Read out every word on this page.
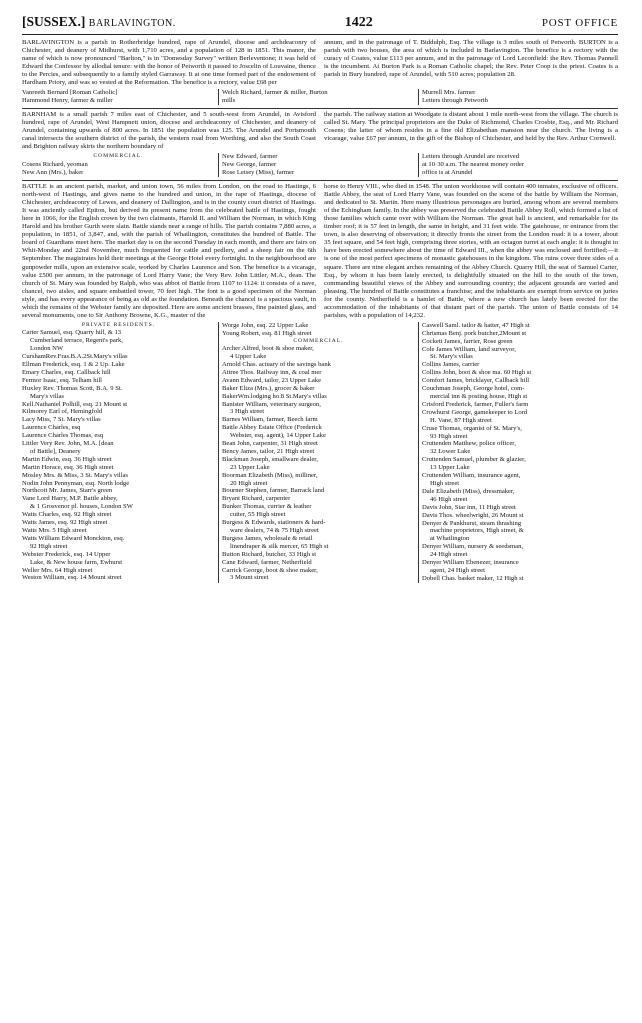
[SUSSEX.] BARLAVINGTON.	1422	POST OFFICE

BARLAVINGTON is a parish in Rotherbridge hundred, rape of Arundel, diocese and archdeaconry of Chichester, and deanery of Midhurst, with 1,710 acres, and a population of 128 in 1851. This manor, the name of which is now pronounced "Barlton," is in "Domesday Survey" written Berleventone; it was held of Edward the Confessor by allodial tenure: with the honor of Petworth it passed to Joscelin of Louvaine, thence to the Percies, and subsequently to a family styled Garraway. It at one time formed part of the endowment of Hardham Priory, and was so vested at the Reformation. The benefice is a rectory, value £68 per

annum, and in the patronage of T. Biddulph, Esq. The village is 3 miles south of Petworth. BURTON is a parish with two houses, the area of which is included in Barlavington. The benefice is a rectory with the curacy of Coates, value £113 per annum, and in the patronage of Lord Leconfield: the Rev. Thomas Pannell is the incumbent. At Burton Park is a Roman Catholic chapel; the Rev. Peter Coop is the priest. Coates is a parish in Bury hundred, rape of Arundel, with 510 acres; population 28.

Vanreeth Bernard [Roman Catholic]
Hammond Henry, farmer & miller
Welch Richard, farmer & miller, Burton
mills
Murrell Mrs. farmer
Letters through Petworth

BARNHAM is a small parish 7 miles east of Chichester, and 5 south-west from Arundel, in Avisford hundred, rape of Arundel, West Hampnett union, diocese and archdeaconry of Chichester, and deanery of Arundel, containing upwards of 800 acres. In 1851 the population was 125. The Arundel and Portsmouth canal intersects the southern district of the parish, the western road from Worthing, and also the South Coast and Brighton railway skirts the northern boundary of

the parish. The railway station at Woodgate is distant about 1 mile north-west from the village. The church is called St. Mary. The principal proprietors are the Duke of Richmond, Charles Crosbie, Esq., and Mr. Richard Cosens; the latter of whom resides in a fine old Elizabethan mansion near the church. The living is a vicarage, value £67 per annum, in the gift of the Bishop of Chichester, and held by the Rev. Arthur Cornwell.

COMMERCIAL.
Cosens Richard, yeoman
New Ann (Mrs.), baker
New Edward, farmer
New George, farmer
Rose Letsey (Miss), farmer
Letters through Arundel are received
at 10·30 a.m. The nearest money order
office is at Arundel

BATTLE is an ancient parish, market, and union town, 56 miles from London, on the road to Hastings, 6 north-west of Hastings, and gives name to the hundred and union, in the rape of Hastings, diocese of Chichester, archdeaconry of Lewes, and deanery of Dallington, and is in the county court district of Hastings. It was anciently called Epiton, but derived its present name from the celebrated battle of Hastings, fought here in 1066, for the English crown by the two claimants, Harold II. and William the Norman, in which King Harold and his brother Gurth were slain. Battle stands near a range of hills. The parish contains 7,880 acres, a population, in 1851, of 3,847, and, with the parish of Whatlington, constitutes the hundred of Battle. The board of Guardians meet here. The market day is on the second Tuesday in each month, and there are fairs on Whit-Monday and 22nd November, much frequented for cattle and pedlery, and a sheep fair on the 6th September. The magistrates hold their meetings at the George Hotel every fortnight. In the neighbourhood are gunpowder mills, upon an extensive scale, worked by Charles Laurence and Son. The benefice is a vicarage, value £500 per annum, in the patronage of Lord Harry Vane; the Very Rev. John Littler, M.A., dean. The church of St. Mary was founded by Ralph, who was abbot of Battle from 1107 to 1124: it consists of a nave, chancel, two aisles, and square embattled tower, 70 feet high. The font is a good specimen of the Norman style, and has every appearance of being as old as the foundation. Beneath the chancel is a spacious vault, in which the remains of the Webster family are deposited. Here are some ancient brasses, fine painted glass, and several monuments, one to Sir Anthony Browne, K.G., master of the

horse to Henry VIII., who died in 1548. The union workhouse will contain 400 inmates, exclusive of officers. Battle Abbey, the seat of Lord Harry Vane, was founded on the scene of the battle by William the Norman, and dedicated to St. Martin. Here many illustrious personages are buried, among whom are several members of the Echingham family. In the abbey was preserved the celebrated Battle Abbey Roll, which formed a list of those families which came over with William the Norman. The great hall is ancient, and remarkable for its timber roof; it is 57 feet in length, the same in height, and 31 feet wide. The gatehouse, or entrance from the town, is also deserving of observation; it directly fronts the street from the London road: it is a tower, about 35 feet square, and 54 feet high, comprising three stories, with an octagon turret at each angle: it is thought to have been erected somewhere about the time of Edward III., when the abbey was enclosed and fortified;—it is one of the most perfect specimens of monastic gatehouses in the kingdom. The ruins cover three sides of a square. There are nine elegant arches remaining of the Abbey Church. Quarry Hill, the seat of Samuel Carter, Esq., by whom it has been lately erected, is delightfully situated on the hill to the south of the town, commanding beautiful views of the Abbey and surrounding country; the adjacent grounds are varied and pleasing. The hundred of Battle constitutes a franchise; and the inhabitants are exempt from service on juries for the county. Netherfield is a hamlet of Battle, where a new church has lately been erected for the accommodation of the inhabitants of that distant part of the parish. The union of Battle consists of 14 parishes, with a population of 14,232.

PRIVATE RESIDENTS.
Carter Samuel, esq. Quarry hill, & 13
Cumberland terrace, Regent's park,
London NW
CurshamRev.Fras.B.A.2St.Mary's villas
Ellman Frederick, esq. 1 & 2 Up. Lake
Emary Charles, esq. Callback hill
Fermor Isaac, esq. Telham hill
Huxley Rev. Thomas Scott, B.A. 9 St.
Mary's villas
Kell.Nathaniel Polhill, esq. 21 Mount st
Kilmorey Earl of, Hemingfold
Lacy Miss, 7 St. Mary's villas
Laurence Charles, esq
Laurence Charles Thomas, esq
Littler Very Rev. John, M.A. [dean
of Battle], Deanery
Martin Edwin, esq. 36 High street
Martin Horace, esq. 36 High street
Mosley Mrs. & Miss, 3 St. Mary's villas
Nodin John Pennyman, esq. North lodge
Northcott Mr. James, Starr's green
Vane Lord Harry, M.P. Battle abbey,
& 1 Grosvenor pl. houses, London SW
Watts Charles, esq. 92 High street
Watts James, esq. 92 High street
Watts Mrs. 5 High street
Watts William Edward Monckton, esq.
92 High street
Webster Frederick, esq. 14 Upper
Lake, & New house farm, Ewhurst
Weller Mrs. 64 High street
Weston William, esq. 14 Mount street
Worge John, esq. 22 Upper Lake
Young Robert, esq. 81 High street
COMMERCIAL.
Archer Alfred, boot & shoe maker,
4 Upper Lake
Arnold Chas. actuary of the savings bank
Attree Thos. Railway inn, & coal mer
Avann Edward, tailor, 23 Upper Lake
Baker Eliza (Mrs.), grocer & baker
BakerWm.lodging ho.8 St.Mary's villas
Banister William, veterinary surgeon,
3 High street
Barnes William, farmer, Beech farm
Battle Abbey Estate Office (Frederick
Webster, esq. agent), 14 Upper Lake
Bean John, carpenter, 31 High street
Bency James, tailor, 21 High street
Blackman Joseph, smallware dealer,
23 Upper Lake
Boorman Elizabeth (Miss), milliner,
20 High street
Bourner Stephen, farmer, Barrack land
Bryant Richard, carpenter
Bunker Thomas, currier & leather
cutter, 55 High street
Burgess & Edwards, stationers & hard-
ware dealers, 74 & 75 High street
Burgess James, wholesale & retail
linendraper & silk mercer, 65 High st
Button Richard, butcher, 33 High st
Cane Edward, farmer, Netherfield
Carrick George, boot & shoe maker,
3 Mount street
Caswell Saml. tailor & hatter, 47 High st
Chrismas Benj. pork butcher,2Mount st
Cockett James, farrier, Rose green
Cole James William, land surveyor,
St. Mary's villas
Collins James, carrier
Collins John, boot & shoe ma. 60 High st
Comfort James, bricklayer, Callback hill
Couchman Joseph, George hotel, com-
mercial inn & posting house, High st
Crisford Frederick, farmer, Fuller's farm
Crowhurst George, gamekeeper to Lord
H. Vane, 87 High street
Cruse Thomas, organist of St. Mary's,
93 High street
Cruttenden Matthew, police officer,
32 Lower Lake
Cruttenden Samuel, plumber & glazier,
13 Upper Lake
Cruttenden William, insurance agent,
High street
Dale Elizabeth (Miss), dressmaker,
46 High street
Davis John, Star inn, 11 High street
Davis Thos. wheelwright, 26 Mount st
Denyer & Pankhurst, steam thrashing
machine proprietors, High street, &
at Whatlington
Denyer William, nursery & seedsman,
24 High street
Denyer William Ebenezer, insurance
agent, 24 High street
Dobell Chas. basket maker, 12 High st
